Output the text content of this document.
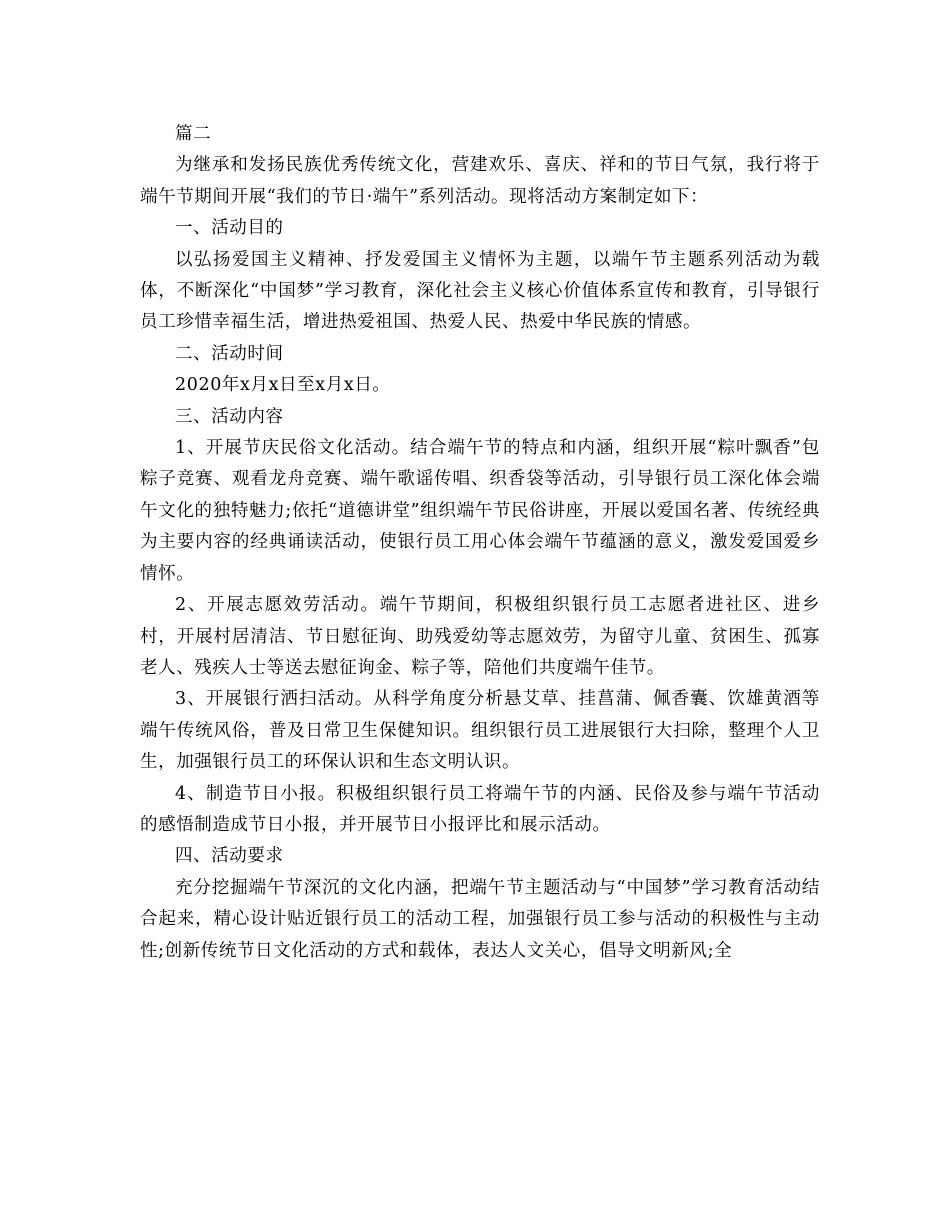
篇二

为继承和发扬民族优秀传统文化，营建欢乐、喜庆、祥和的节日气氛，我行将于端午节期间开展“我们的节日·端午”系列活动。现将活动方案制定如下：

一、活动目的

以弘扬爱国主义精神、抒发爱国主义情怀为主题，以端午节主题系列活动为载体，不断深化“中国梦”学习教育，深化社会主义核心价值体系宣传和教育，引导银行员工珍惜幸福生活，增进热爱祖国、热爱人民、热爱中华民族的情感。

二、活动时间

2020年x月x日至x月x日。

三、活动内容

1、开展节庆民俗文化活动。结合端午节的特点和内涵，组织开展“粽叶飘香”包粽子竞赛、观看龙舟竞赛、端午歌谣传唱、织香袋等活动，引导银行员工深化体会端午文化的独特魅力;依托“道德讲堂”组织端午节民俗讲座，开展以爱国名著、传统经典为主要内容的经典诵读活动，使银行员工用心体会端午节蕴涵的意义，激发爱国爱乡情怀。

2、开展志愿效劳活动。端午节期间，积极组织银行员工志愿者进社区、进乡村，开展村居清洁、节日慰征询、助残爱幼等志愿效劳，为留守儿童、贫困生、孤寡老人、残疾人士等送去慰征询金、粽子等，陪他们共度端午佳节。

3、开展银行洒扫活动。从科学角度分析悬艾草、挂菖蒲、佩香囊、饮雄黄酒等端午传统风俗，普及日常卫生保健知识。组织银行员工进展银行大扫除，整理个人卫生，加强银行员工的环保认识和生态文明认识。

4、制造节日小报。积极组织银行员工将端午节的内涵、民俗及参与端午节活动的感悟制造成节日小报，并开展节日小报评比和展示活动。

四、活动要求

充分挖掘端午节深沉的文化内涵，把端午节主题活动与“中国梦”学习教育活动结合起来，精心设计贴近银行员工的活动工程，加强银行员工参与活动的积极性与主动性;创新传统节日文化活动的方式和载体，表达人文关心，倡导文明新风;全
